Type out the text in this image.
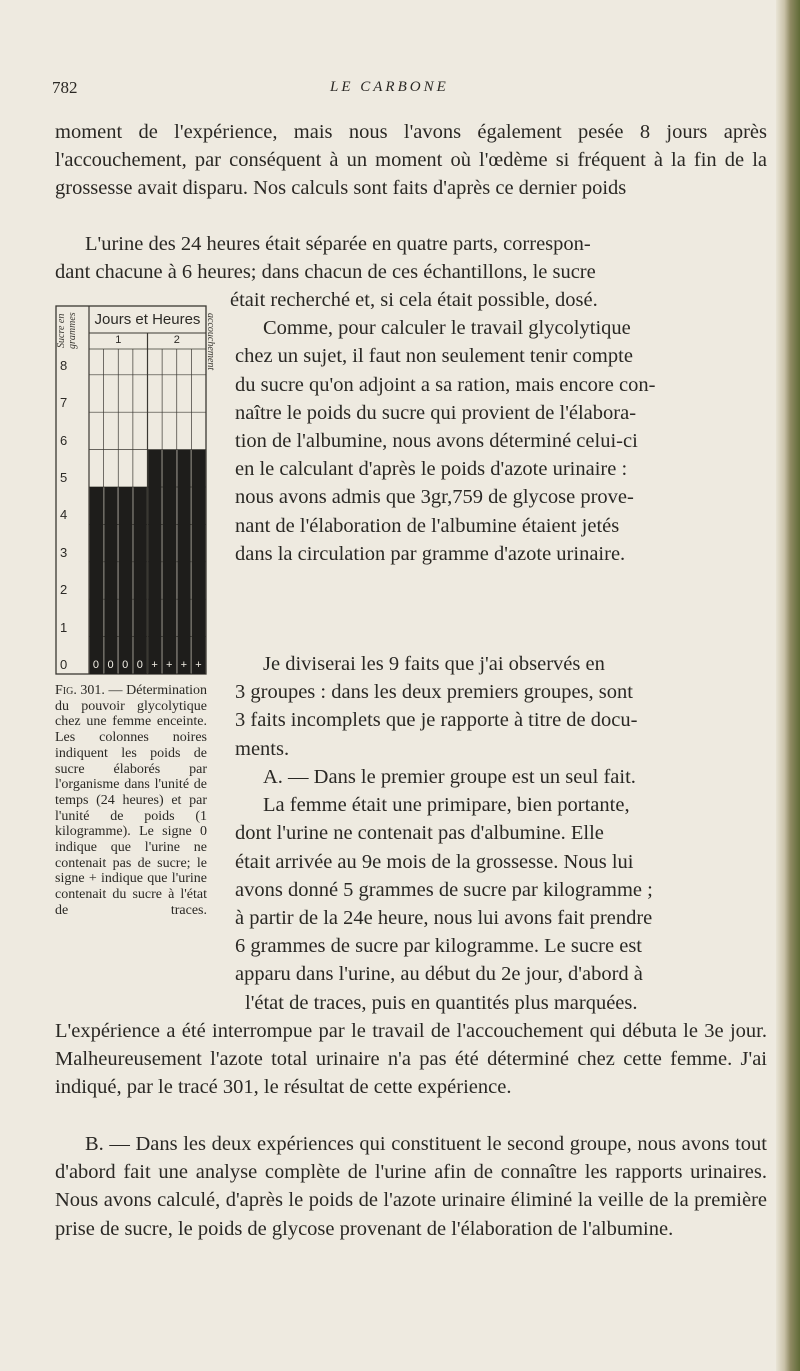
782	LE CARBONE

moment de l'expérience, mais nous l'avons également pesée 8 jours après l'accouchement, par conséquent à un moment où l'œdème si fréquent à la fin de la grossesse avait disparu. Nos calculs sont faits d'après ce dernier poids

L'urine des 24 heures était séparée en quatre parts, correspon-
dant chacune à 6 heures; dans chacun de ces échantillons, le sucre
était recherché et, si cela était possible, dosé.
Comme, pour calculer le travail glycolytique
chez un sujet, il faut non seulement tenir compte
du sucre qu'on adjoint a sa ration, mais encore con-
naître le poids du sucre qui provient de l'élabora-
tion de l'albumine, nous avons déterminé celui-ci
en le calculant d'après le poids d'azote urinaire :
nous avons admis que 3gr,759 de glycose prove-
nant de l'élaboration de l'albumine étaient jetés
dans la circulation par gramme d'azote urinaire.
Je diviserai les 9 faits que j'ai observés en
3 groupes : dans les deux premiers groupes, sont
3 faits incomplets que je rapporte à titre de docu-
ments.
A. — Dans le premier groupe est un seul fait.
La femme était une primipare, bien portante,
dont l'urine ne contenait pas d'albumine. Elle
était arrivée au 9e mois de la grossesse. Nous lui
avons donné 5 grammes de sucre par kilogramme ;
à partir de la 24e heure, nous lui avons fait prendre
6 grammes de sucre par kilogramme. Le sucre est
apparu dans l'urine, au début du 2e jour, d'abord à
l'état de traces, puis en quantités plus marquées.

L'expérience a été interrompue par le travail de l'accouchement qui débuta le 3e jour. Malheureusement l'azote total urinaire n'a pas été déterminé chez cette femme. J'ai indiqué, par le tracé 301, le résultat de cette expérience.

B. — Dans les deux expériences qui constituent le second groupe, nous avons tout d'abord fait une analyse complète de l'urine afin de connaître les rapports urinaires. Nous avons calculé, d'après le poids de l'azote urinaire éliminé la veille de la première prise de sucre, le poids de glycose provenant de l'élaboration de l'albumine.

Sucre en grammes	Jours et Heures
0
1
2
3
4
5
6
7
8
0 0 0 0 + + + +
1	2	accouchement

Fig. 301. — Détermination du pouvoir glycolytique chez une femme enceinte. Les colonnes noires indiquent les poids de sucre élaborés par l'organisme dans l'unité de temps (24 heures) et par l'unité de poids (1 kilogramme). Le signe 0 indique que l'urine ne contenait pas de sucre; le signe + indique que l'urine contenait du sucre à l'état de traces.
